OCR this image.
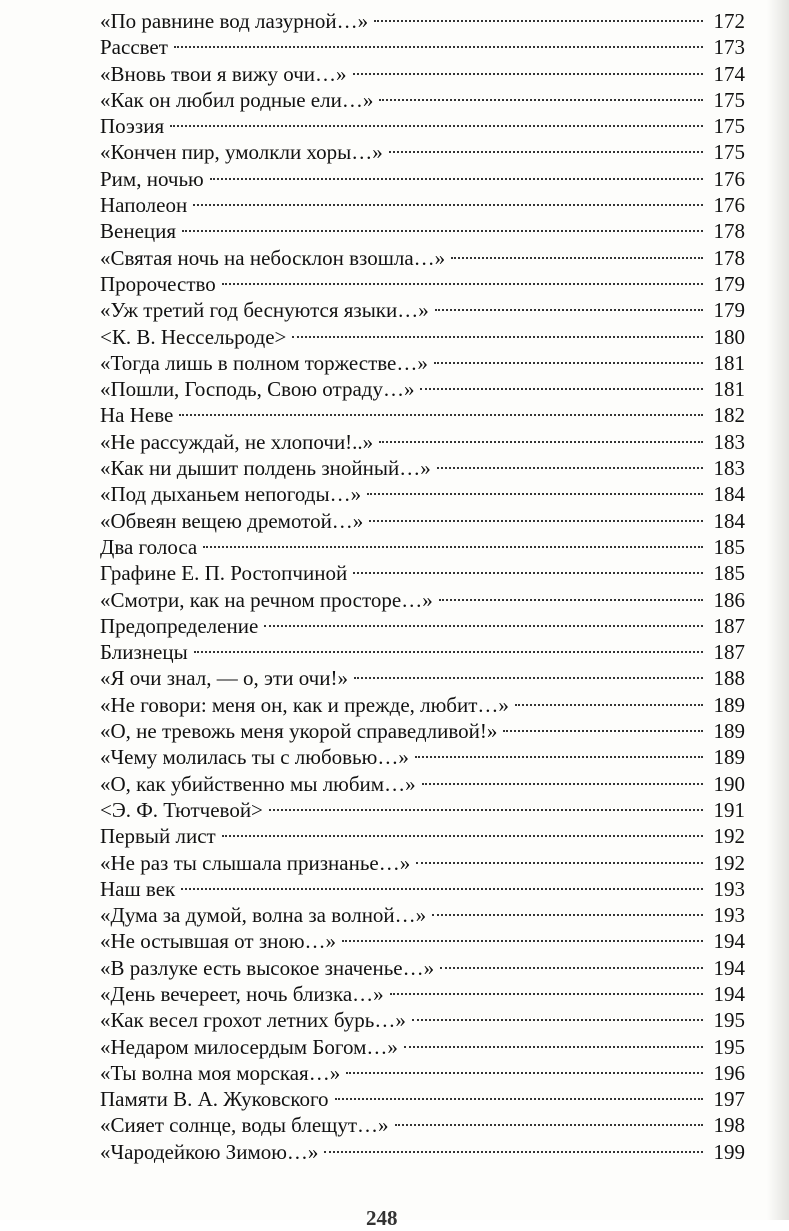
«По равнине вод лазурной…»	172
Рассвет	173
«Вновь твои я вижу очи…»	174
«Как он любил родные ели…»	175
Поэзия	175
«Кончен пир, умолкли хоры…»	175
Рим, ночью	176
Наполеон	176
Венеция	178
«Святая ночь на небосклон взошла…»	178
Пророчество	179
«Уж третий год беснуются языки…»	179
<К. В. Нессельроде>	180
«Тогда лишь в полном торжестве…»	181
«Пошли, Господь, Свою отраду…»	181
На Неве	182
«Не рассуждай, не хлопочи!..»	183
«Как ни дышит полдень знойный…»	183
«Под дыханьем непогоды…»	184
«Обвеян вещею дремотой…»	184
Два голоса	185
Графине Е. П. Ростопчиной	185
«Смотри, как на речном просторе…»	186
Предопределение	187
Близнецы	187
«Я очи знал, — о, эти очи!»	188
«Не говори: меня он, как и прежде, любит…»	189
«О, не тревожь меня укорой справедливой!»	189
«Чему молилась ты с любовью…»	189
«О, как убийственно мы любим…»	190
<Э. Ф. Тютчевой>	191
Первый лист	192
«Не раз ты слышала признанье…»	192
Наш век	193
«Дума за думой, волна за волной…»	193
«Не остывшая от зною…»	194
«В разлуке есть высокое значенье…»	194
«День вечереет, ночь близка…»	194
«Как весел грохот летних бурь…»	195
«Недаром милосердым Богом…»	195
«Ты волна моя морская…»	196
Памяти В. А. Жуковского	197
«Сияет солнце, воды блещут…»	198
«Чародейкою Зимою…»	199
248
